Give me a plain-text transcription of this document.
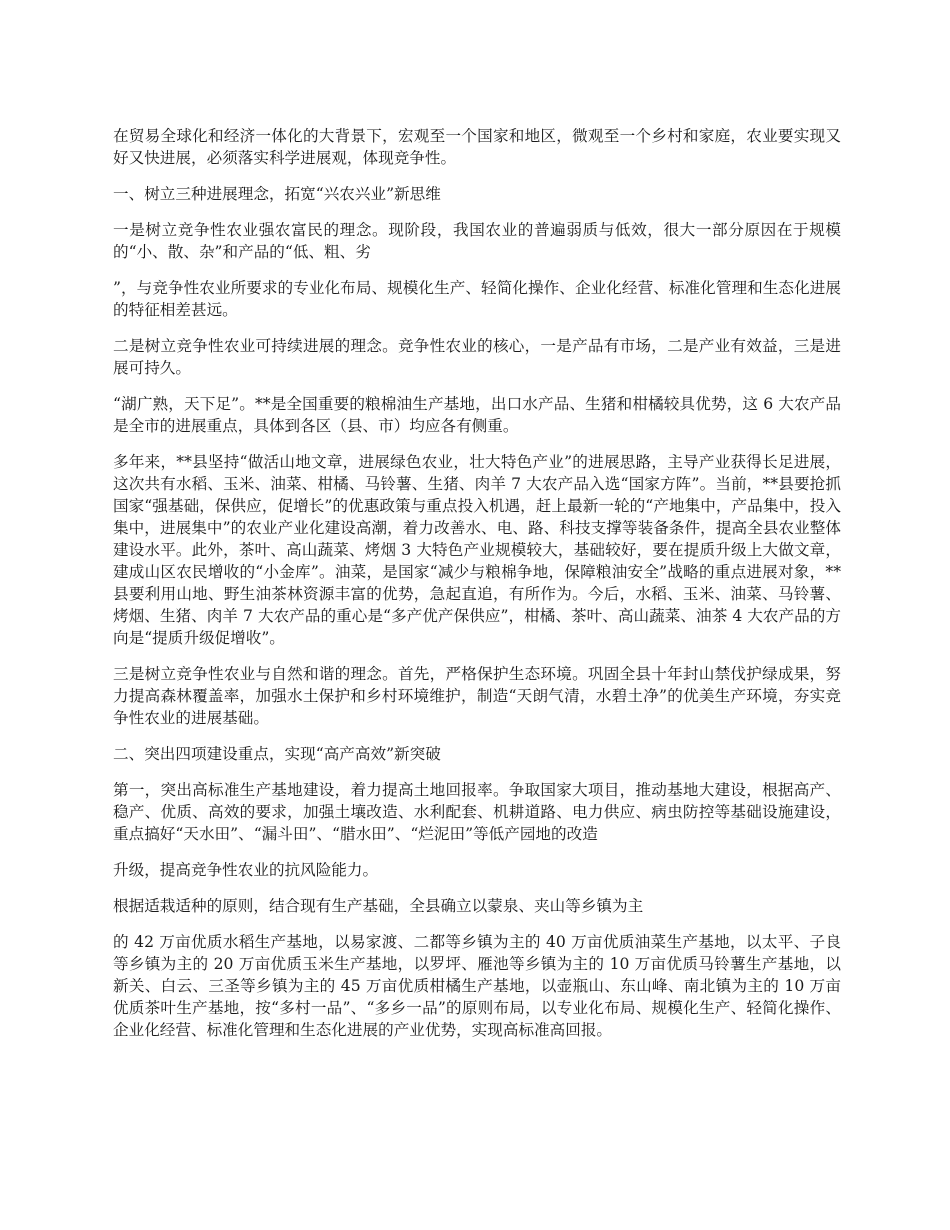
在贸易全球化和经济一体化的大背景下，宏观至一个国家和地区，微观至一个乡村和家庭，农业要实现又好又快进展，必须落实科学进展观，体现竞争性。

一、树立三种进展理念，拓宽“兴农兴业”新思维

一是树立竞争性农业强农富民的理念。现阶段，我国农业的普遍弱质与低效，很大一部分原因在于规模的“小、散、杂”和产品的“低、粗、劣

”，与竞争性农业所要求的专业化布局、规模化生产、轻简化操作、企业化经营、标准化管理和生态化进展的特征相差甚远。

二是树立竞争性农业可持续进展的理念。竞争性农业的核心，一是产品有市场，二是产业有效益，三是进展可持久。

“湖广熟，天下足”。**是全国重要的粮棉油生产基地，出口水产品、生猪和柑橘较具优势，这 6 大农产品是全市的进展重点，具体到各区（县、市）均应各有侧重。

多年来，**县坚持“做活山地文章，进展绿色农业，壮大特色产业”的进展思路，主导产业获得长足进展，这次共有水稻、玉米、油菜、柑橘、马铃薯、生猪、肉羊 7 大农产品入选“国家方阵”。当前，**县要抢抓国家“强基础，保供应，促增长”的优惠政策与重点投入机遇，赶上最新一轮的“产地集中，产品集中，投入集中，进展集中”的农业产业化建设高潮，着力改善水、电、路、科技支撑等装备条件，提高全县农业整体建设水平。此外，茶叶、高山蔬菜、烤烟 3 大特色产业规模较大，基础较好，要在提质升级上大做文章，建成山区农民增收的“小金库”。油菜，是国家“减少与粮棉争地，保障粮油安全”战略的重点进展对象，**县要利用山地、野生油茶林资源丰富的优势，急起直追，有所作为。今后，水稻、玉米、油菜、马铃薯、烤烟、生猪、肉羊 7 大农产品的重心是“多产优产保供应”，柑橘、茶叶、高山蔬菜、油茶 4 大农产品的方向是“提质升级促增收”。

三是树立竞争性农业与自然和谐的理念。首先，严格保护生态环境。巩固全县十年封山禁伐护绿成果，努力提高森林覆盖率，加强水土保护和乡村环境维护，制造“天朗气清，水碧土净”的优美生产环境，夯实竞争性农业的进展基础。

二、突出四项建设重点，实现“高产高效”新突破

第一，突出高标准生产基地建设，着力提高土地回报率。争取国家大项目，推动基地大建设，根据高产、稳产、优质、高效的要求，加强土壤改造、水利配套、机耕道路、电力供应、病虫防控等基础设施建设，重点搞好“天水田”、“漏斗田”、“腊水田”、“烂泥田”等低产园地的改造

升级，提高竞争性农业的抗风险能力。

根据适栽适种的原则，结合现有生产基础，全县确立以蒙泉、夹山等乡镇为主

的 42 万亩优质水稻生产基地，以易家渡、二都等乡镇为主的 40 万亩优质油菜生产基地，以太平、子良等乡镇为主的 20 万亩优质玉米生产基地，以罗坪、雁池等乡镇为主的 10 万亩优质马铃薯生产基地，以新关、白云、三圣等乡镇为主的 45 万亩优质柑橘生产基地，以壶瓶山、东山峰、南北镇为主的 10 万亩优质茶叶生产基地，按“多村一品”、“多乡一品”的原则布局，以专业化布局、规模化生产、轻简化操作、企业化经营、标准化管理和生态化进展的产业优势，实现高标准高回报。
